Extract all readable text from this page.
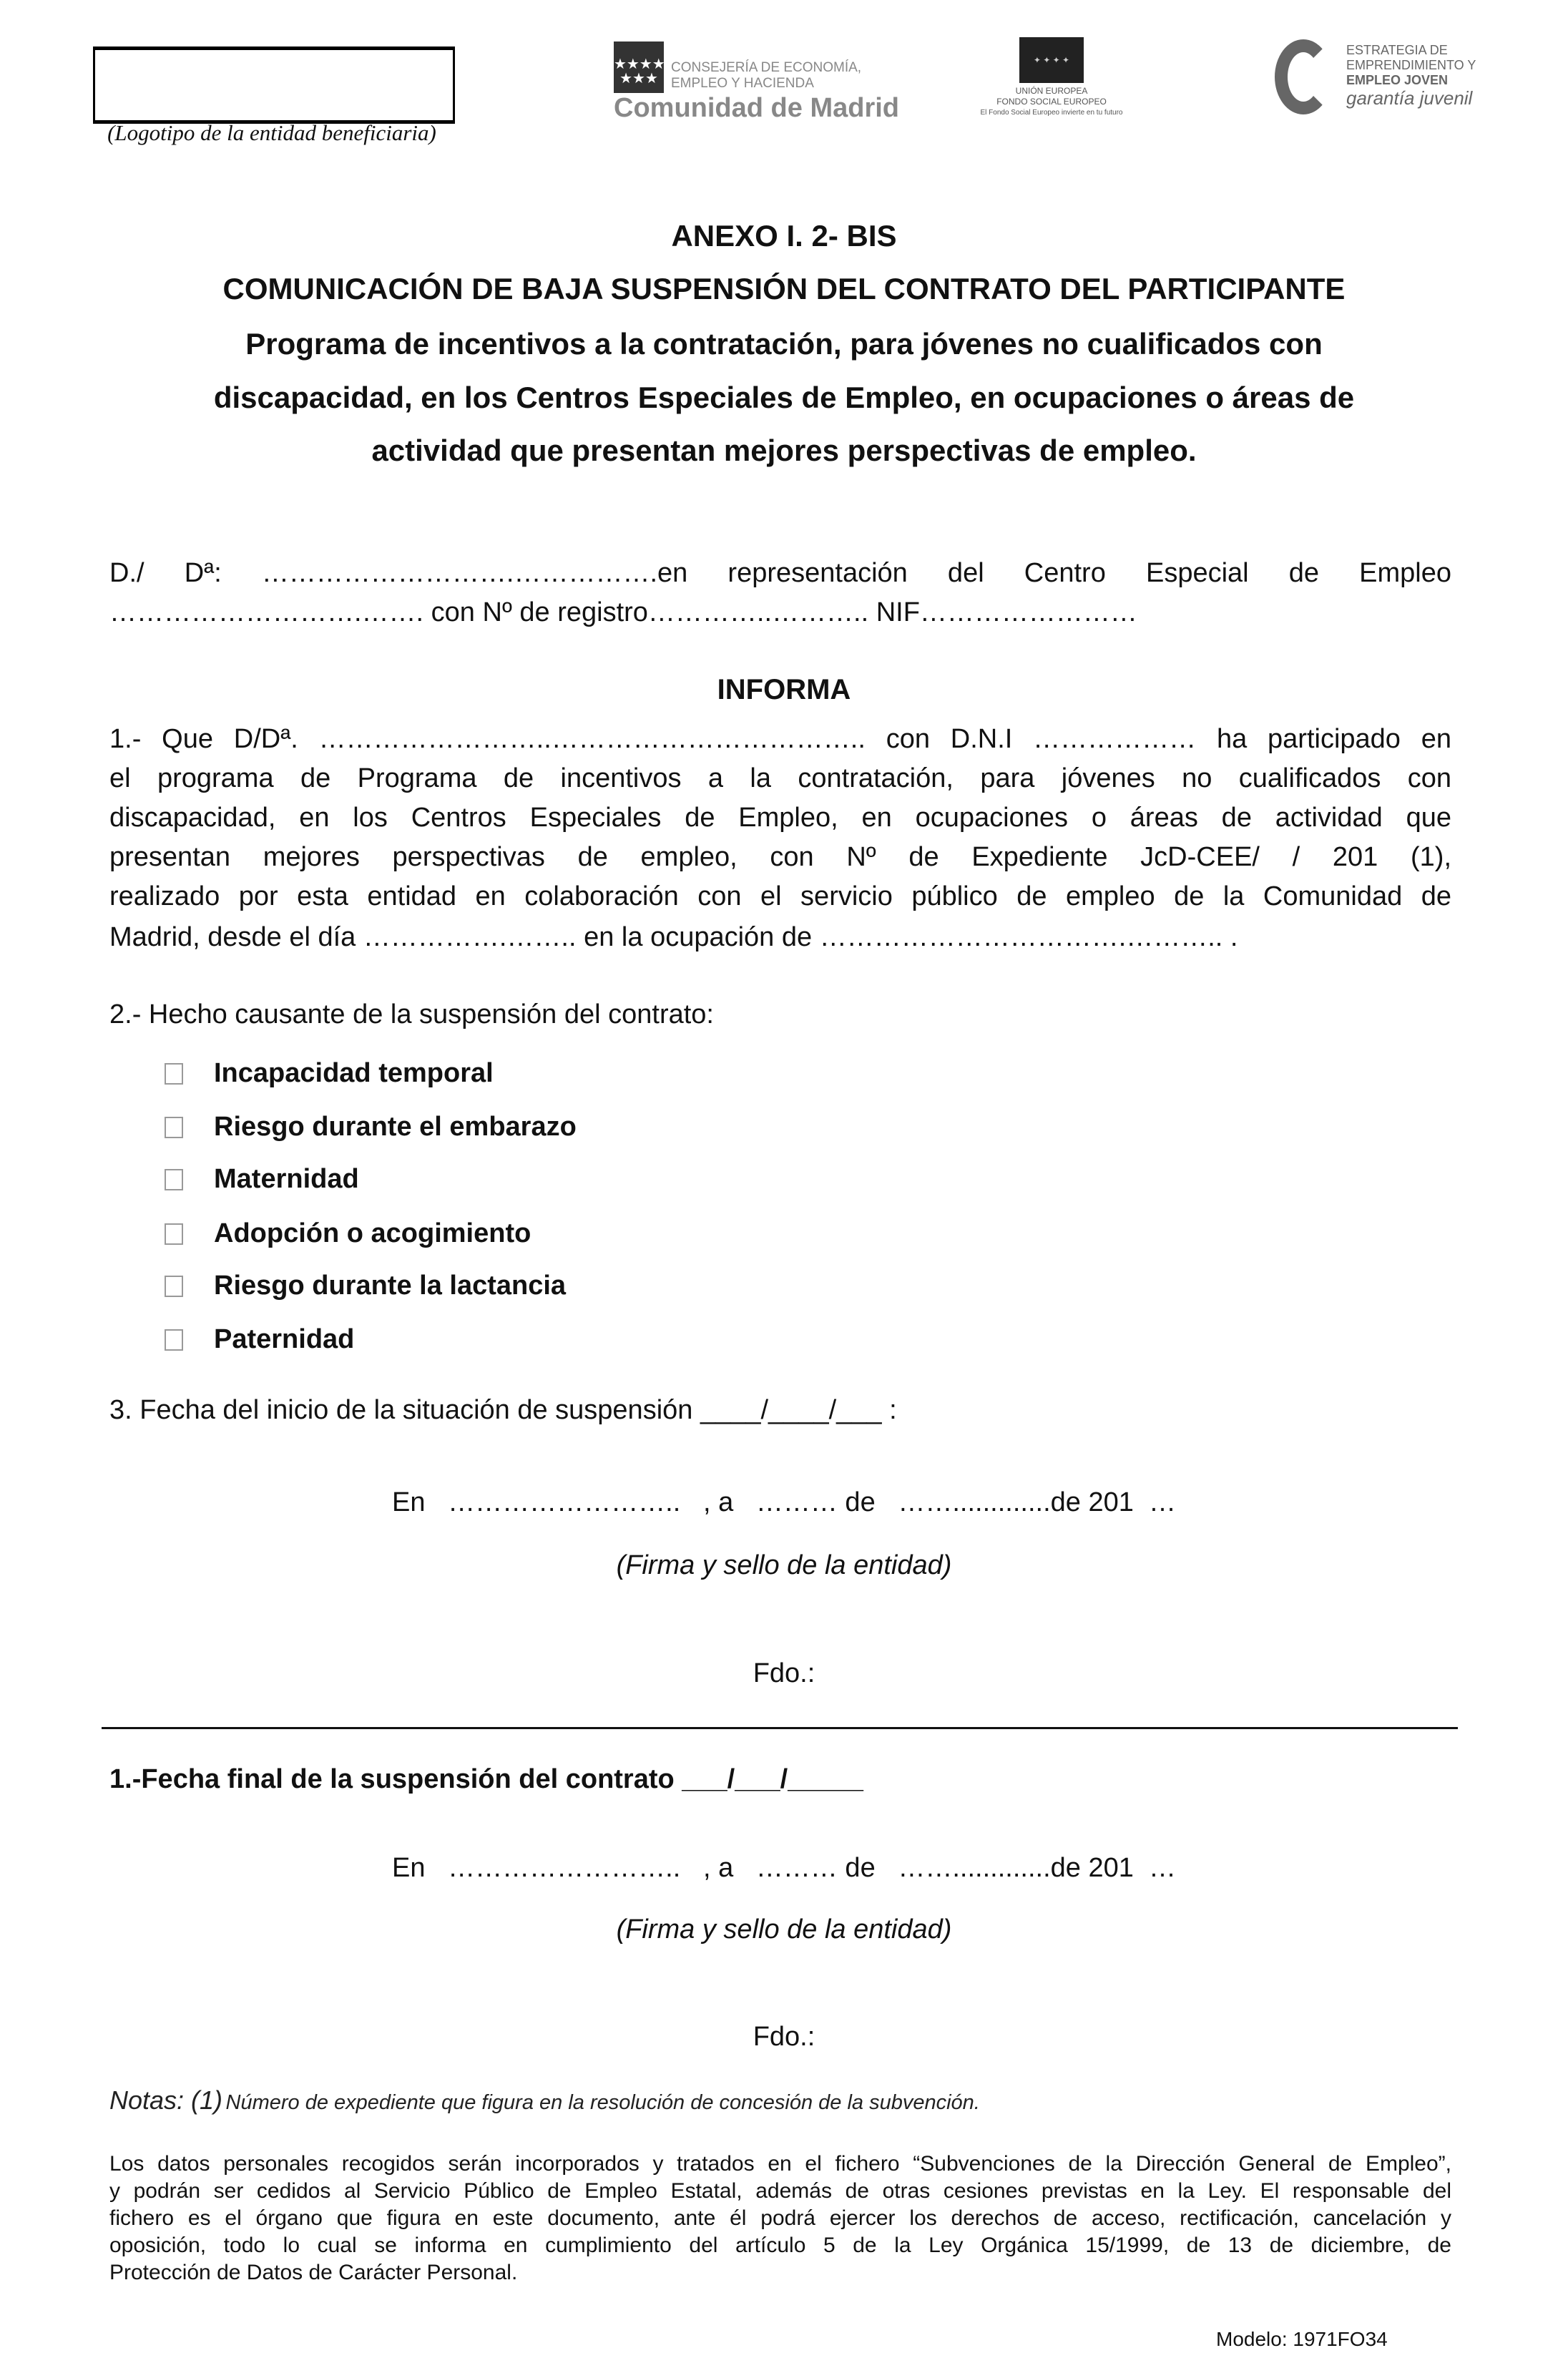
(Logotipo de la entidad beneficiaria)
★★★★
★★★
CONSEJERÍA DE ECONOMÍA,
EMPLEO Y HACIENDA
Comunidad de Madrid
✦ ✦ ✦ ✦
UNIÓN EUROPEA
FONDO SOCIAL EUROPEO
El Fondo Social Europeo invierte en tu futuro
ESTRATEGIA DE
EMPRENDIMIENTO Y
EMPLEO JOVEN
garantía juvenil
ANEXO I. 2- BIS
COMUNICACIÓN DE BAJA SUSPENSIÓN DEL CONTRATO DEL PARTICIPANTE
Programa de incentivos a la contratación, para jóvenes no cualificados con
discapacidad, en los Centros Especiales de Empleo, en ocupaciones o áreas de
actividad que presentan mejores perspectivas de empleo.
D./ Dª: ……………………….…………….en representación del Centro Especial de Empleo
……………………….……. con Nº de registro…………..……….. NIF……………………
INFORMA
1.- Que D/Dª. ……………………..…………………………….. con D.N.I ……………… ha participado en
el programa de Programa de incentivos a la contratación, para jóvenes no cualificados con
discapacidad, en los Centros Especiales de Empleo, en ocupaciones o áreas de actividad que
presentan mejores perspectivas de empleo, con Nº de Expediente JcD-CEE/ / 201 (1),
realizado por esta entidad en colaboración con el servicio público de empleo de la Comunidad de
Madrid, desde el día …………….…….. en la ocupación de …………………………….……….. .
2.- Hecho causante de la suspensión del contrato:
Incapacidad temporal
Riesgo durante el embarazo
Maternidad
Adopción o acogimiento
Riesgo durante la lactancia
Paternidad
3. Fecha del inicio de la situación de suspensión ____/____/___ :
En   ……………………..   , a   ……… de   …….............de 201  …
(Firma y sello de la entidad)
Fdo.:
1.-Fecha final de la suspensión del contrato ___/___/_____
En   ……………………..   , a   ……… de   …….............de 201  …
(Firma y sello de la entidad)
Fdo.:
Notas: (1) Número de expediente que figura en la resolución de concesión de la subvención.
Los datos personales recogidos serán incorporados y tratados en el fichero “Subvenciones de la Dirección General de Empleo”,
y podrán ser cedidos al Servicio Público de Empleo Estatal, además de otras cesiones previstas en la Ley. El responsable del
fichero es el órgano que figura en este documento, ante él podrá ejercer los derechos de acceso, rectificación, cancelación y
oposición, todo lo cual se informa en cumplimiento del artículo 5 de la Ley Orgánica 15/1999, de 13 de diciembre, de
Protección de Datos de Carácter Personal.
Modelo: 1971FO34
